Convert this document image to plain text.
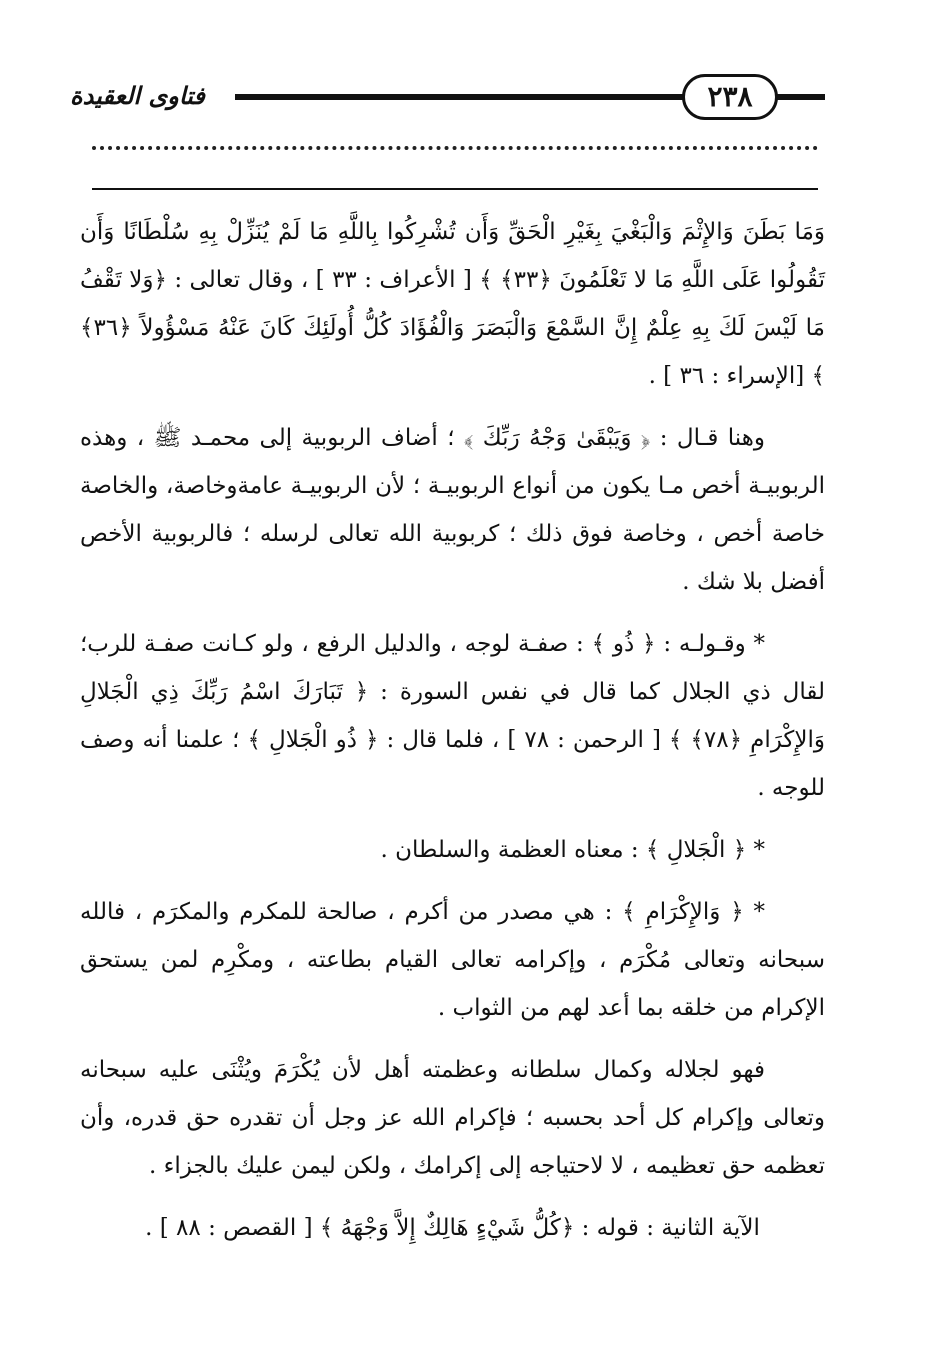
٢٣٨
فتاوى العقيدة

وَمَا بَطَنَ وَالإِثْمَ وَالْبَغْيَ بِغَيْرِ الْحَقِّ وَأَن تُشْرِكُوا بِاللَّهِ مَا لَمْ يُنَزِّلْ بِهِ سُلْطَانًا وَأَن تَقُولُوا عَلَى اللَّهِ مَا لا تَعْلَمُونَ ﴿٣٣﴾ ﴾ [ الأعراف : ٣٣ ] ، وقال تعالى : ﴿وَلا تَقْفُ مَا لَيْسَ لَكَ بِهِ عِلْمٌ إِنَّ السَّمْعَ وَالْبَصَرَ وَالْفُؤَادَ كُلُّ أُولَئِكَ كَانَ عَنْهُ مَسْؤُولاً ﴿٣٦﴾ ﴾ [الإسراء : ٣٦ ] .

وهنا قـال : ﴿ وَيَبْقَىٰ وَجْهُ رَبِّكَ ﴾ ؛ أضاف الربوبية إلى محمـد ﷺ ، وهذه الربوبيـة أخص مـا يكون من أنواع الربوبيـة ؛ لأن الربوبيـة عامةوخاصة، والخاصة خاصة أخص ، وخاصة فوق ذلك ؛ كربوبية الله تعالى لرسله ؛ فالربوبية الأخص أفضل بلا شك .

* وقـولـه : ﴿ ذُو ﴾ : صفـة لوجه ، والدليل الرفع ، ولو كـانت صفـة للرب؛ لقال ذي الجلال كما قال في نفس السورة : ﴿ تَبَارَكَ اسْمُ رَبِّكَ ذِي الْجَلالِ وَالإِكْرَامِ ﴿٧٨﴾ ﴾ [ الرحمن : ٧٨ ] ، فلما قال : ﴿ ذُو الْجَلالِ ﴾ ؛ علمنا أنه وصف للوجه .

* ﴿ الْجَلالِ ﴾ : معناه العظمة والسلطان .

* ﴿ وَالإِكْرَامِ ﴾ : هي مصدر من أكرم ، صالحة للمكرم والمكرَم ، فالله سبحانه وتعالى مُكْرَم ، وإكرامه تعالى القيام بطاعته ، ومكْرِم لمن يستحق الإكرام من خلقه بما أعد لهم من الثواب .

فهو لجلاله وكمال سلطانه وعظمته أهل لأن يُكْرَمَ ويُثْنَى عليه سبحانه وتعالى وإكرام كل أحد بحسبه ؛ فإكرام الله عز وجل أن تقدره حق قدره، وأن تعظمه حق تعظيمه ، لا لاحتياجه إلى إكرامك ، ولكن ليمن عليك بالجزاء .

الآية الثانية : قوله : ﴿كُلُّ شَيْءٍ هَالِكٌ إِلاَّ وَجْهَهُ ﴾ [ القصص : ٨٨ ] .
